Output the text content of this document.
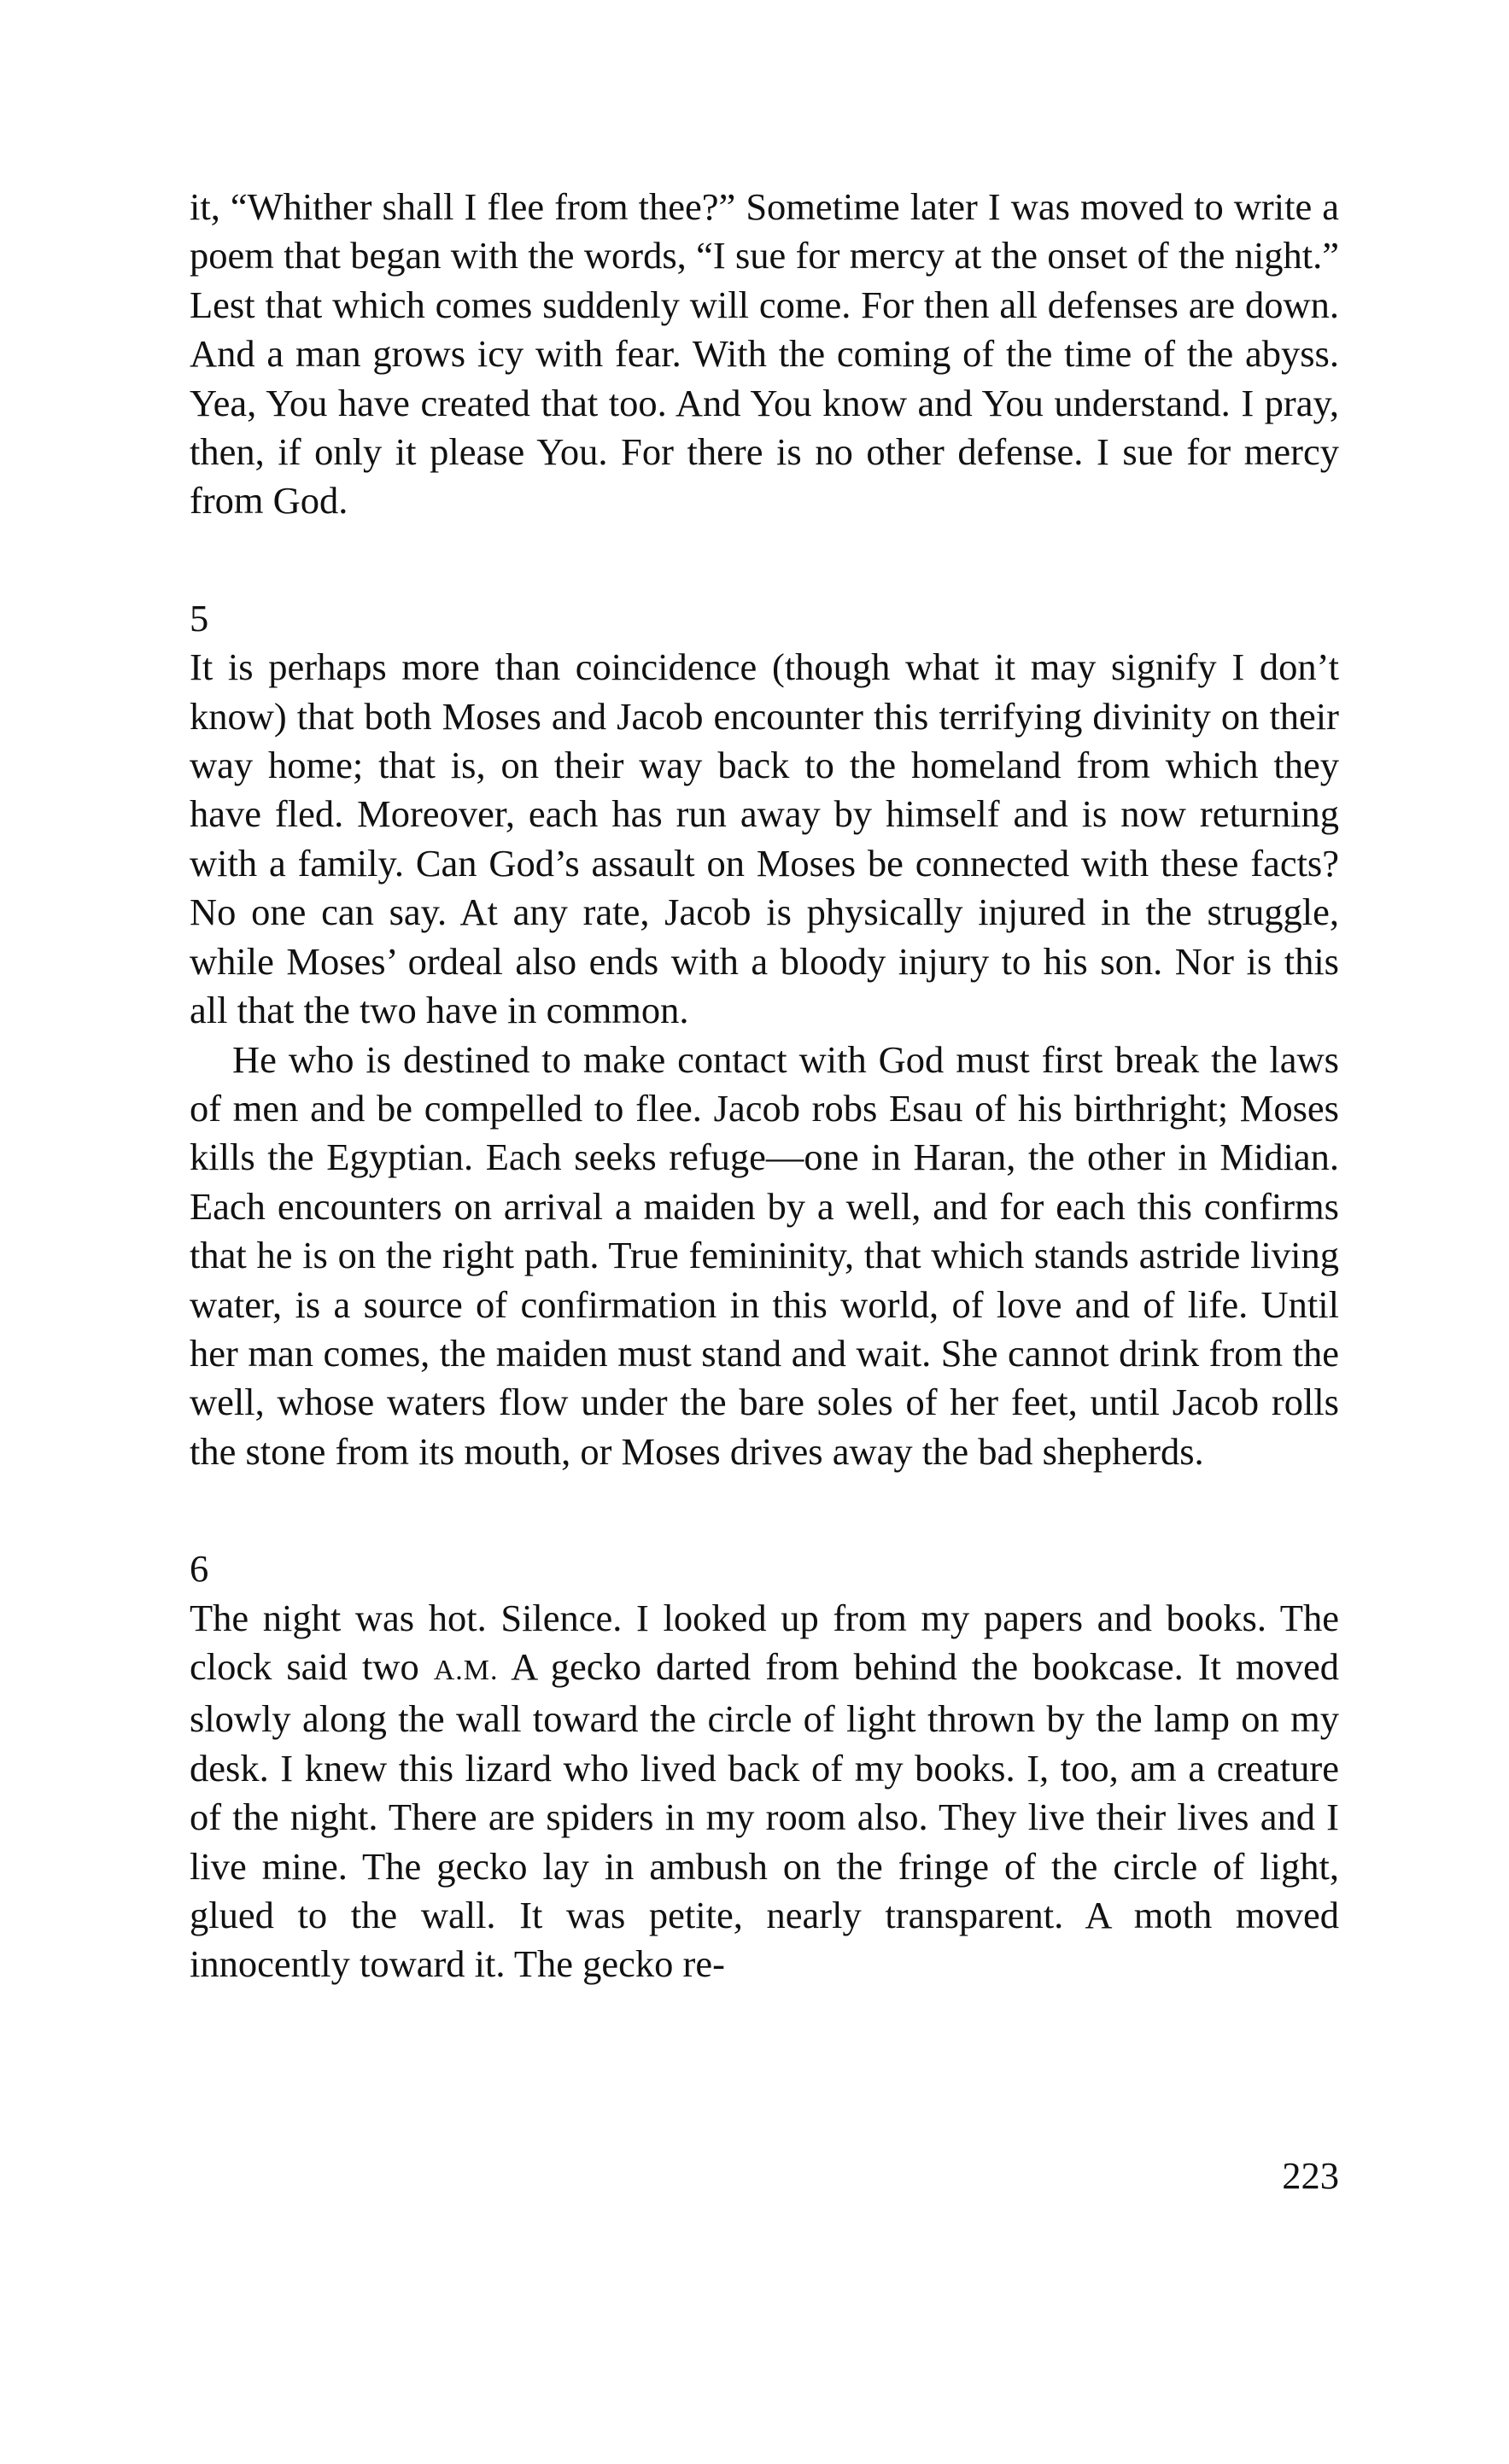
it, “Whither shall I flee from thee?” Sometime later I was moved to write a poem that began with the words, “I sue for mercy at the onset of the night.” Lest that which comes suddenly will come. For then all defenses are down. And a man grows icy with fear. With the coming of the time of the abyss. Yea, You have created that too. And You know and You understand. I pray, then, if only it please You. For there is no other defense. I sue for mercy from God.

5

It is perhaps more than coincidence (though what it may signify I don’t know) that both Moses and Jacob encounter this terrifying divinity on their way home; that is, on their way back to the homeland from which they have fled. Moreover, each has run away by himself and is now returning with a family. Can God’s assault on Moses be connected with these facts? No one can say. At any rate, Jacob is physically injured in the struggle, while Moses’ ordeal also ends with a bloody injury to his son. Nor is this all that the two have in common.

He who is destined to make contact with God must first break the laws of men and be compelled to flee. Jacob robs Esau of his birthright; Moses kills the Egyptian. Each seeks refuge—one in Haran, the other in Midian. Each encounters on arrival a maiden by a well, and for each this confirms that he is on the right path. True femininity, that which stands astride living water, is a source of confirmation in this world, of love and of life. Until her man comes, the maiden must stand and wait. She cannot drink from the well, whose waters flow under the bare soles of her feet, until Jacob rolls the stone from its mouth, or Moses drives away the bad shepherds.

6

The night was hot. Silence. I looked up from my papers and books. The clock said two A.M. A gecko darted from behind the bookcase. It moved slowly along the wall toward the circle of light thrown by the lamp on my desk. I knew this lizard who lived back of my books. I, too, am a creature of the night. There are spiders in my room also. They live their lives and I live mine. The gecko lay in ambush on the fringe of the circle of light, glued to the wall. It was petite, nearly transparent. A moth moved innocently toward it. The gecko re-

223
